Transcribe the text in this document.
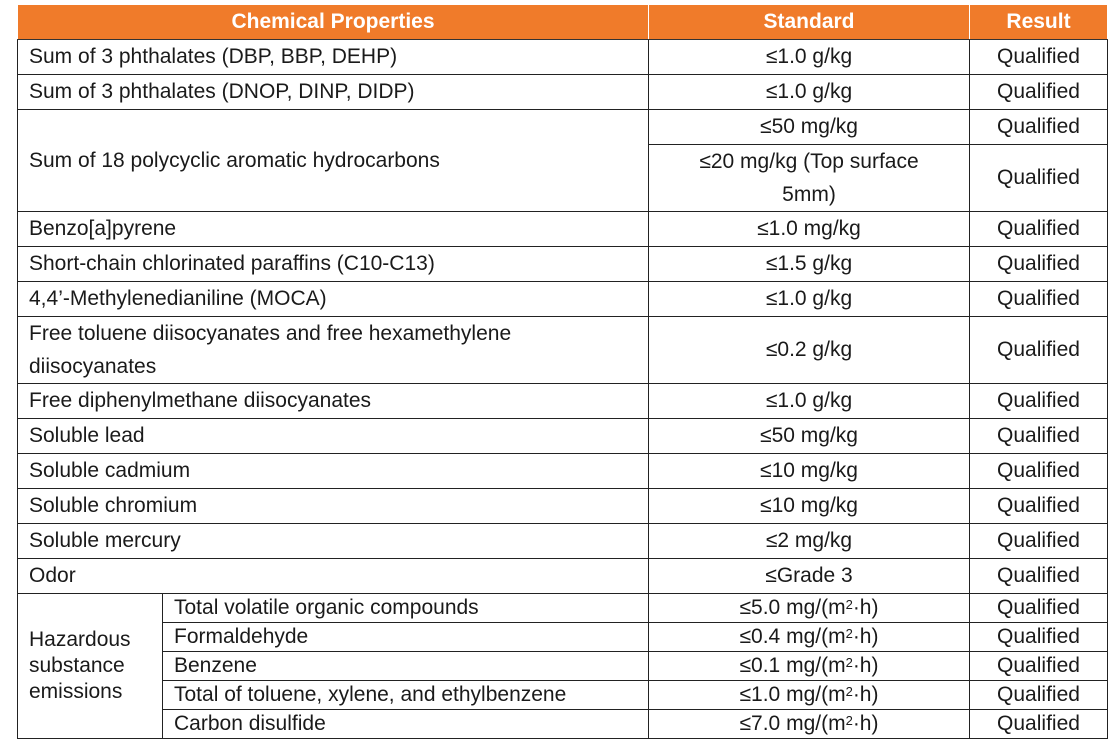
Chemical Properties		Standard	Result
Sum of 3 phthalates (DBP, BBP, DEHP)		≤1.0 g/kg	Qualified
Sum of 3 phthalates (DNOP, DINP, DIDP)		≤1.0 g/kg	Qualified
Sum of 18 polycyclic aromatic hydrocarbons		≤50 mg/kg	Qualified
		≤20 mg/kg (Top surface 5mm)	Qualified
Benzo[a]pyrene		≤1.0 mg/kg	Qualified
Short-chain chlorinated paraffins (C10-C13)		≤1.5 g/kg	Qualified
4,4’-Methylenedianiline (MOCA)		≤1.0 g/kg	Qualified
Free toluene diisocyanates and free hexamethylene diisocyanates		≤0.2 g/kg	Qualified
Free diphenylmethane diisocyanates		≤1.0 g/kg	Qualified
Soluble lead		≤50 mg/kg	Qualified
Soluble cadmium		≤10 mg/kg	Qualified
Soluble chromium		≤10 mg/kg	Qualified
Soluble mercury		≤2 mg/kg	Qualified
Odor		≤Grade 3	Qualified
Hazardous substance emissions	Total volatile organic compounds	≤5.0 $mg/(m^2\cdot h)$	Qualified
	Formaldehyde	≤0.4 $mg/(m^2\cdot h)$	Qualified
	Benzene	≤0.1 $mg/(m^2\cdot h)$	Qualified
	Total of toluene, xylene, and ethylbenzene	≤1.0 $mg/(m^2\cdot h)$	Qualified
	Carbon disulfide	≤7.0 $mg/(m^2\cdot h)$	Qualified
